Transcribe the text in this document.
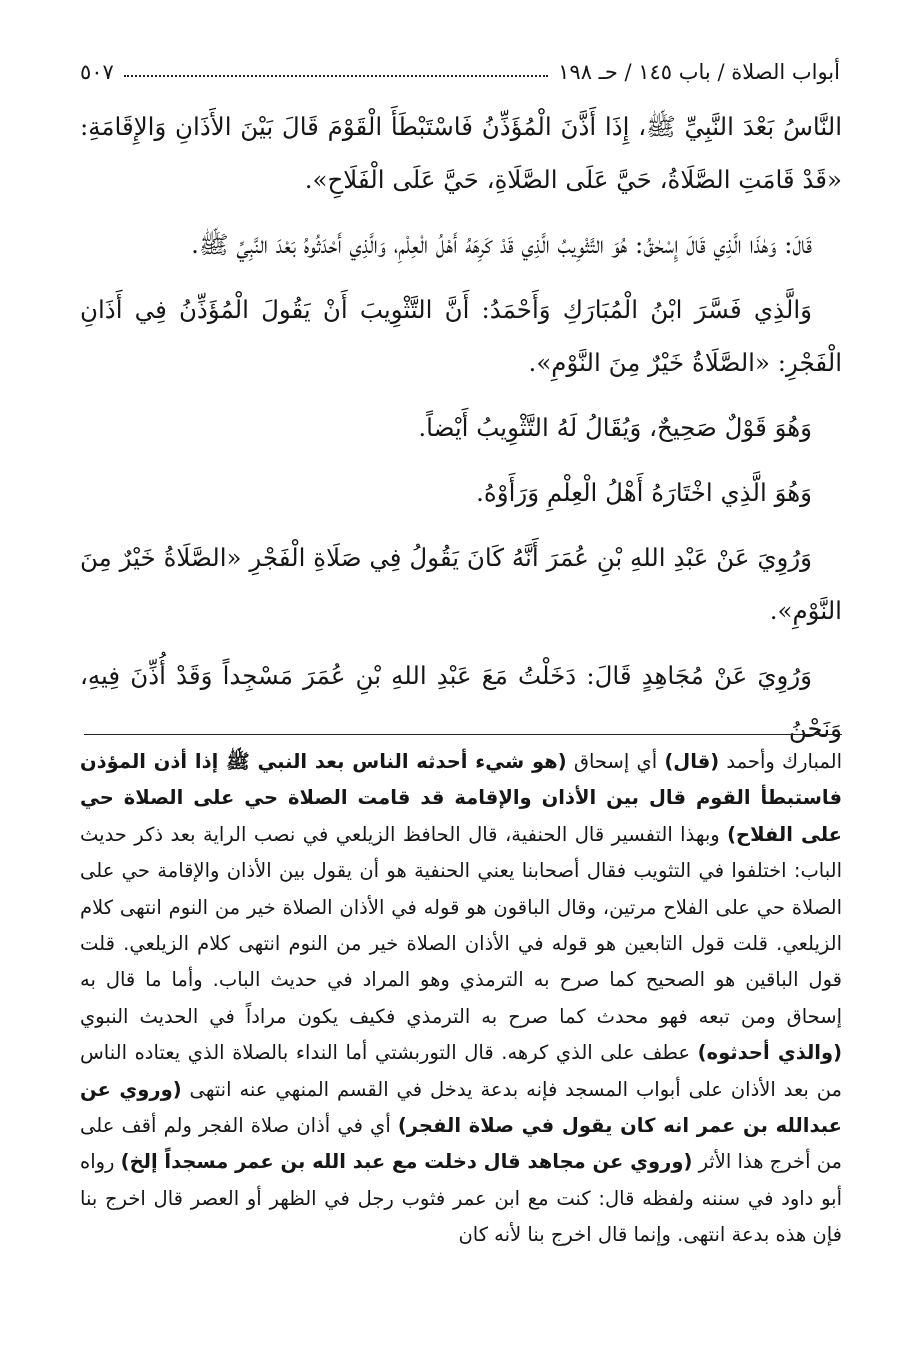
أبواب الصلاة / باب ١٤٥ / حـ ١٩٨
٥٠٧

النَّاسُ بَعْدَ النَّبِيِّ ﷺ، إِذَا أَذَّنَ الْمُؤَذِّنُ فَاسْتَبْطَأَ الْقَوْمَ قَالَ بَيْنَ الأَذَانِ وَالإِقَامَةِ: «قَدْ قَامَتِ الصَّلَاةُ، حَيَّ عَلَى الصَّلَاةِ، حَيَّ عَلَى الْفَلَاحِ».

قَالَ: وَهٰذَا الَّذِي قَالَ إِسْحٰقُ: هُوَ التَّثْوِيبُ الَّذِي قَدْ كَرِهَهُ أَهْلُ الْعِلْمِ، وَالَّذِي أَحْدَثُوهُ بَعْدَ النَّبِيِّ ﷺ.

وَالَّذِي فَسَّرَ ابْنُ الْمُبَارَكِ وَأَحْمَدُ: أَنَّ التَّثْوِيبَ أَنْ يَقُولَ الْمُؤَذِّنُ فِي أَذَانِ الْفَجْرِ: «الصَّلَاةُ خَيْرٌ مِنَ النَّوْمِ».

وَهُوَ قَوْلٌ صَحِيحٌ، وَيُقَالُ لَهُ التَّثْوِيبُ أَيْضاً.

وَهُوَ الَّذِي اخْتَارَهُ أَهْلُ الْعِلْمِ وَرَأَوْهُ.

وَرُوِيَ عَنْ عَبْدِ اللهِ بْنِ عُمَرَ أَنَّهُ كَانَ يَقُولُ فِي صَلَاةِ الْفَجْرِ «الصَّلَاةُ خَيْرٌ مِنَ النَّوْمِ».

وَرُوِيَ عَنْ مُجَاهِدٍ قَالَ: دَخَلْتُ مَعَ عَبْدِ اللهِ بْنِ عُمَرَ مَسْجِداً وَقَدْ أُذِّنَ فِيهِ، وَنَحْنُ

المبارك وأحمد (قال) أي إسحاق (هو شيء أحدثه الناس بعد النبي ﷺ إذا أذن المؤذن فاستبطأ القوم قال بين الأذان والإقامة قد قامت الصلاة حي على الصلاة حي على الفلاح) وبهذا التفسير قال الحنفية، قال الحافظ الزيلعي في نصب الراية بعد ذكر حديث الباب: اختلفوا في التثويب فقال أصحابنا يعني الحنفية هو أن يقول بين الأذان والإقامة حي على الصلاة حي على الفلاح مرتين، وقال الباقون هو قوله في الأذان الصلاة خير من النوم انتهى كلام الزيلعي. قلت قول التابعين هو قوله في الأذان الصلاة خير من النوم انتهى كلام الزيلعي. قلت قول الباقين هو الصحيح كما صرح به الترمذي وهو المراد في حديث الباب. وأما ما قال به إسحاق ومن تبعه فهو محدث كما صرح به الترمذي فكيف يكون مراداً في الحديث النبوي (والذي أحدثوه) عطف على الذي كرهه. قال التوربشتي أما النداء بالصلاة الذي يعتاده الناس من بعد الأذان على أبواب المسجد فإنه بدعة يدخل في القسم المنهي عنه انتهى (وروي عن عبدالله بن عمر انه كان يقول في صلاة الفجر) أي في أذان صلاة الفجر ولم أقف على من أخرج هذا الأثر (وروي عن مجاهد قال دخلت مع عبد الله بن عمر مسجداً إلخ) رواه أبو داود في سننه ولفظه قال: كنت مع ابن عمر فثوب رجل في الظهر أو العصر قال اخرج بنا فإن هذه بدعة انتهى. وإنما قال اخرج بنا لأنه كان
